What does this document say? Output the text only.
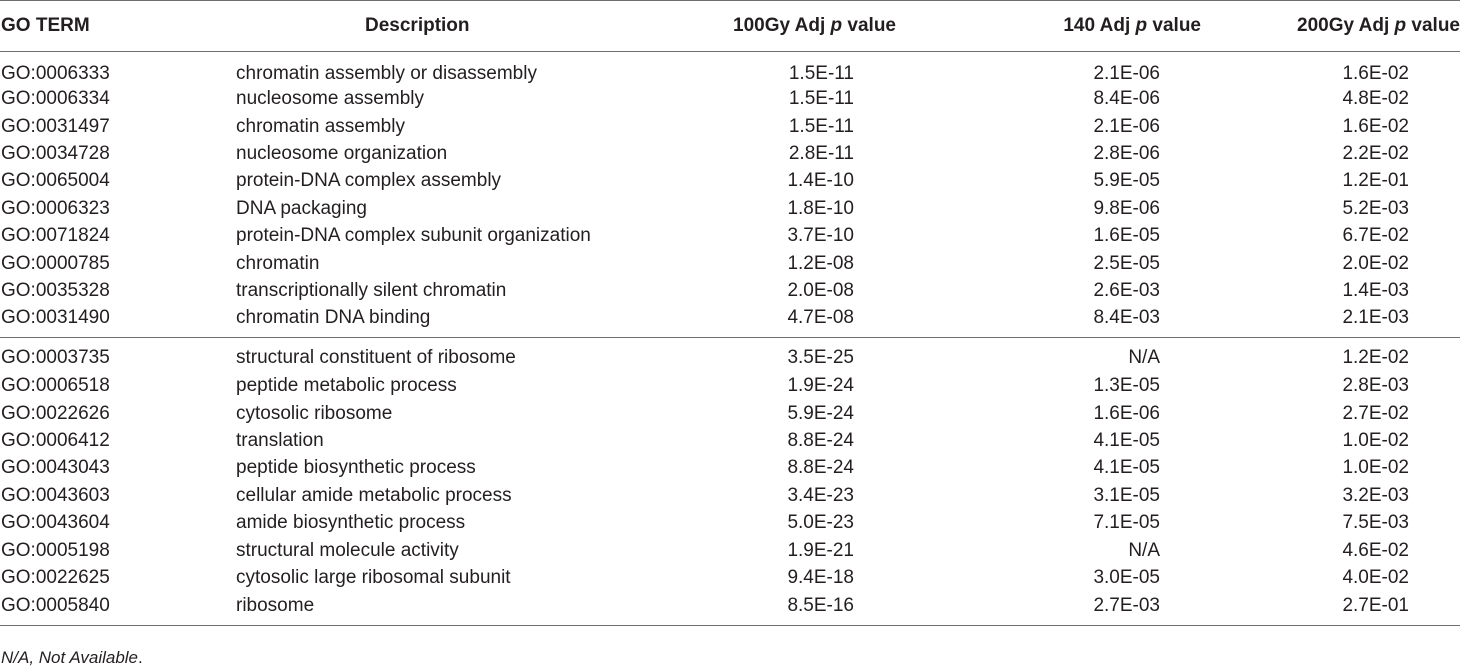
GO TERM	Description	100Gy Adj p value	140 Adj p value	200Gy Adj p value
GO:0006333	chromatin assembly or disassembly	1.5E-11	2.1E-06	1.6E-02
GO:0006334	nucleosome assembly	1.5E-11	8.4E-06	4.8E-02
GO:0031497	chromatin assembly	1.5E-11	2.1E-06	1.6E-02
GO:0034728	nucleosome organization	2.8E-11	2.8E-06	2.2E-02
GO:0065004	protein-DNA complex assembly	1.4E-10	5.9E-05	1.2E-01
GO:0006323	DNA packaging	1.8E-10	9.8E-06	5.2E-03
GO:0071824	protein-DNA complex subunit organization	3.7E-10	1.6E-05	6.7E-02
GO:0000785	chromatin	1.2E-08	2.5E-05	2.0E-02
GO:0035328	transcriptionally silent chromatin	2.0E-08	2.6E-03	1.4E-03
GO:0031490	chromatin DNA binding	4.7E-08	8.4E-03	2.1E-03
GO:0003735	structural constituent of ribosome	3.5E-25	N/A	1.2E-02
GO:0006518	peptide metabolic process	1.9E-24	1.3E-05	2.8E-03
GO:0022626	cytosolic ribosome	5.9E-24	1.6E-06	2.7E-02
GO:0006412	translation	8.8E-24	4.1E-05	1.0E-02
GO:0043043	peptide biosynthetic process	8.8E-24	4.1E-05	1.0E-02
GO:0043603	cellular amide metabolic process	3.4E-23	3.1E-05	3.2E-03
GO:0043604	amide biosynthetic process	5.0E-23	7.1E-05	7.5E-03
GO:0005198	structural molecule activity	1.9E-21	N/A	4.6E-02
GO:0022625	cytosolic large ribosomal subunit	9.4E-18	3.0E-05	4.0E-02
GO:0005840	ribosome	8.5E-16	2.7E-03	2.7E-01
N/A, Not Available.
